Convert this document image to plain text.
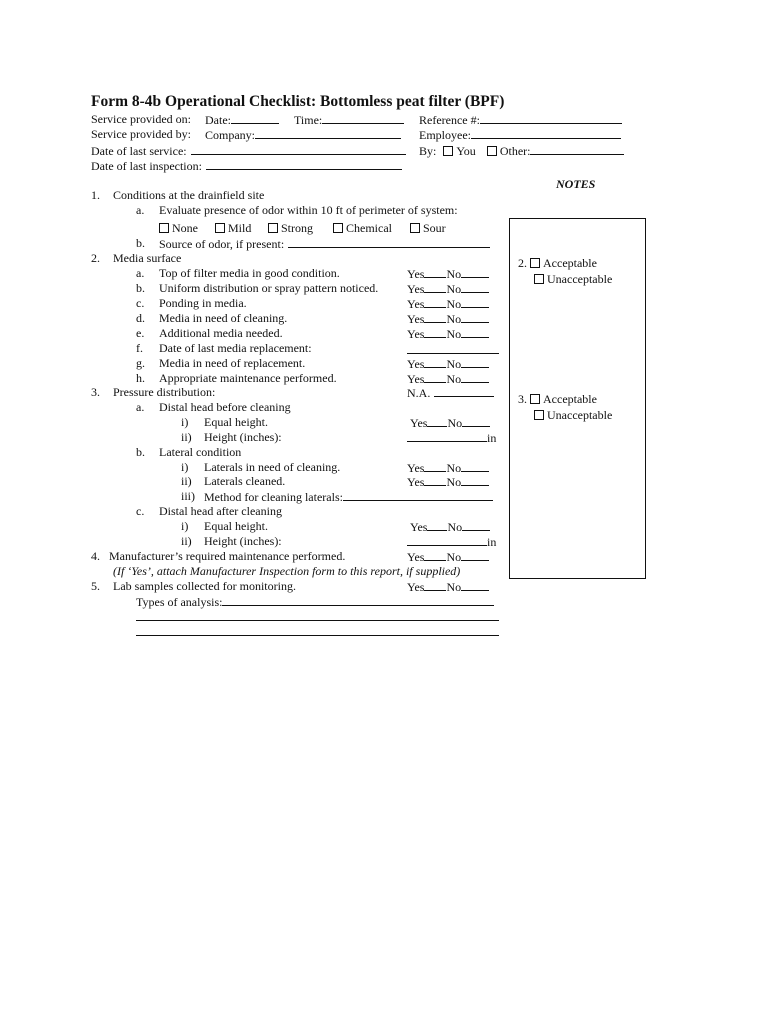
Form 8-4b Operational Checklist: Bottomless peat filter (BPF)
Service provided on: Date:	Time:	Reference #:
Service provided by: Company:	Employee:
Date of last service:	By: You Other:
Date of last inspection:
NOTES
2. Acceptable
Unacceptable
3. Acceptable
Unacceptable
1. Conditions at the drainfield site
a. Evaluate presence of odor within 10 ft of perimeter of system:
None	Mild	Strong	Chemical	Sour
b. Source of odor, if present:
2. Media surface
a. Top of filter media in good condition.	Yes No
b. Uniform distribution or spray pattern noticed. Yes No
c. Ponding in media.	Yes No
d. Media in need of cleaning.	Yes No
e. Additional media needed.	Yes No
f. Date of last media replacement:
g. Media in need of replacement.	Yes No
h. Appropriate maintenance performed.	Yes No
3. Pressure distribution:	N.A.
a. Distal head before cleaning
i) Equal height.	Yes No
ii) Height (inches):	in
b. Lateral condition
i) Laterals in need of cleaning.	Yes No
ii) Laterals cleaned.	Yes No
iii) Method for cleaning laterals:
c. Distal head after cleaning
i) Equal height.	Yes No
ii) Height (inches):	in
4. Manufacturer’s required maintenance performed.	Yes No
(If ‘Yes’, attach Manufacturer Inspection form to this report, if supplied)
5. Lab samples collected for monitoring.	Yes No
Types of analysis:
